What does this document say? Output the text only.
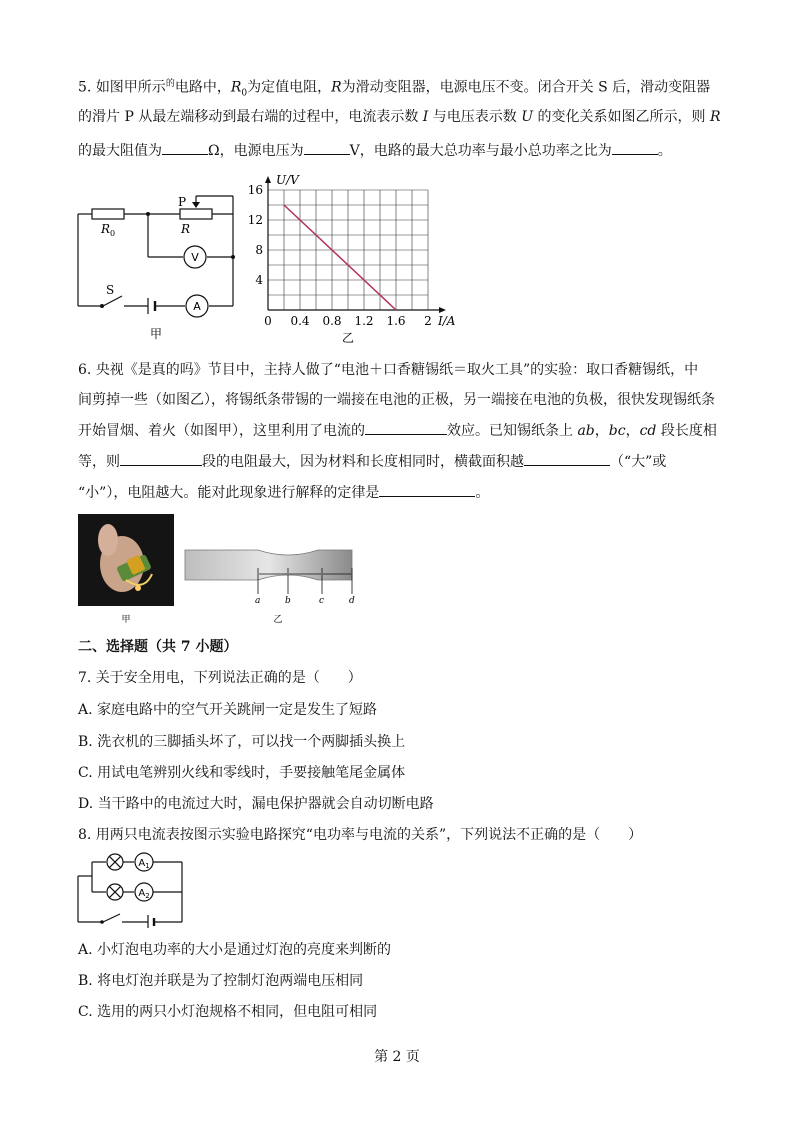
5. 如图甲所示$^的$电路中，$R_0$为定值电阻，R为滑动变阻器，电源电压不变。闭合开关 S 后，滑动变阻器
的滑片 P 从最左端移动到最右端的过程中，电流表示数 I 与电压表示数 U 的变化关系如图乙所示，则 R
的最大阻值为	Ω，电源电压为	V，电路的最大总功率与最小总功率之比为	。
$R_0$	R
P
V
A
S
甲
0 0.4 0.8 1.2 1.6 2
4
8
12
16
U/V
I/A
乙
6. 央视《是真的吗》节目中，主持人做了“电池＋口香糖锡纸＝取火工具”的实验：取口香糖锡纸，中
间剪掉一些（如图乙），将锡纸条带锡的一端接在电池的正极，另一端接在电池的负极，很快发现锡纸条
开始冒烟、着火（如图甲），这里利用了电流的	效应。已知锡纸条上 ab，bc，cd 段长度相
等，则	段的电阻最大，因为材料和长度相同时，横截面积越	（“大”或
“小”），电阻越大。能对此现象进行解释的定律是	。
甲
a	b	c	d
乙
二、选择题（共 7 小题）
7. 关于安全用电，下列说法正确的是（　　）
A. 家庭电路中的空气开关跳闸一定是发生了短路
B. 洗衣机的三脚插头坏了，可以找一个两脚插头换上
C. 用试电笔辨别火线和零线时，手要接触笔尾金属体
D. 当干路中的电流过大时，漏电保护器就会自动切断电路
8. 用两只电流表按图示实验电路探究“电功率与电流的关系”，下列说法不正确的是（　　）
$A_1$
$A_2$
A. 小灯泡电功率的大小是通过灯泡的亮度来判断的
B. 将电灯泡并联是为了控制灯泡两端电压相同
C. 选用的两只小灯泡规格不相同，但电阻可相同
第 2 页
